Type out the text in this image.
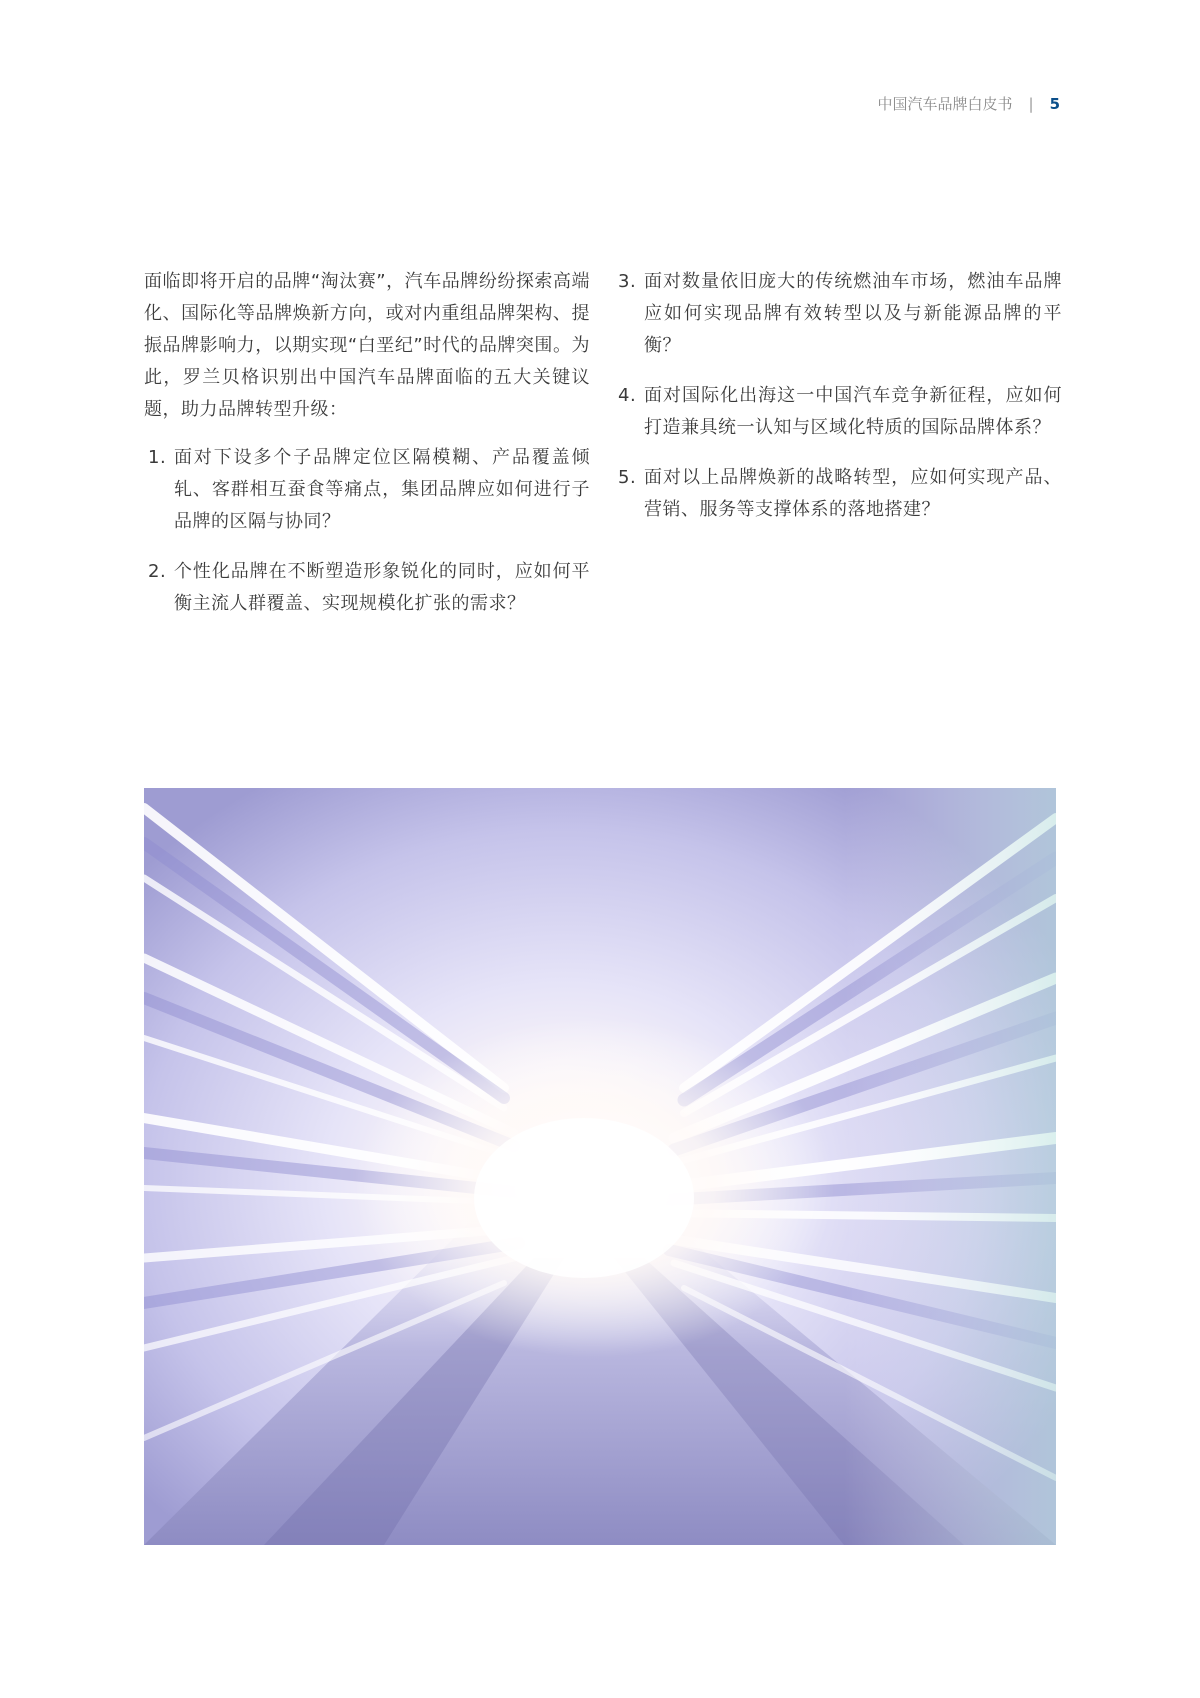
中国汽车品牌白皮书 | 5

面临即将开启的品牌“淘汰赛”，汽车品牌纷纷探索高端化、国际化等品牌焕新方向，或对内重组品牌架构、提振品牌影响力，以期实现“白垩纪”时代的品牌突围。为此，罗兰贝格识别出中国汽车品牌面临的五大关键议题，助力品牌转型升级：

1. 面对下设多个子品牌定位区隔模糊、产品覆盖倾轧、客群相互蚕食等痛点，集团品牌应如何进行子品牌的区隔与协同？
2. 个性化品牌在不断塑造形象锐化的同时，应如何平衡主流人群覆盖、实现规模化扩张的需求？
3. 面对数量依旧庞大的传统燃油车市场，燃油车品牌应如何实现品牌有效转型以及与新能源品牌的平衡？
4. 面对国际化出海这一中国汽车竞争新征程，应如何打造兼具统一认知与区域化特质的国际品牌体系？
5. 面对以上品牌焕新的战略转型，应如何实现产品、营销、服务等支撑体系的落地搭建？
